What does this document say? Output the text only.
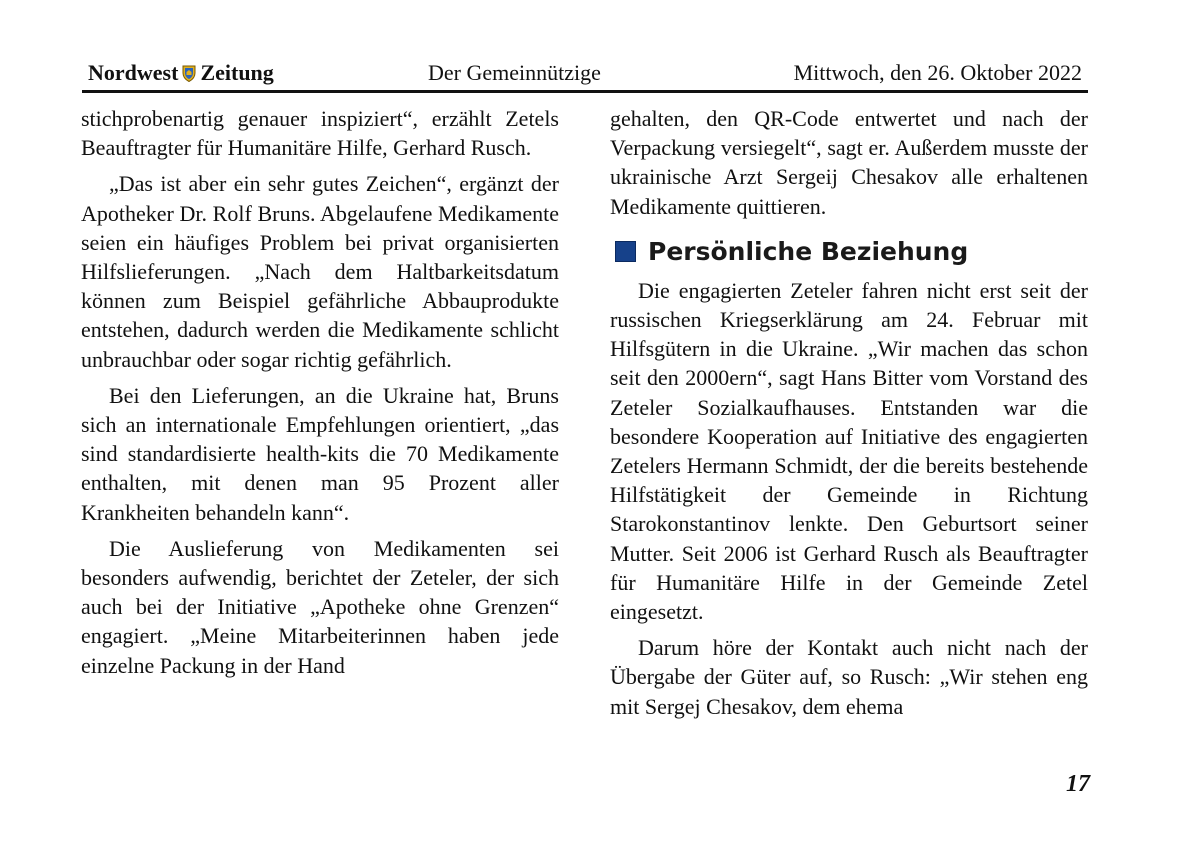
Nordwest Zeitung	Der Gemeinnützige	Mittwoch, den 26. Oktober 2022

stichprobenartig genauer inspiziert“, erzählt Zetels Beauftragter für Humanitäre Hilfe, Gerhard Rusch.

„Das ist aber ein sehr gutes Zeichen“, ergänzt der Apotheker Dr. Rolf Bruns. Abgelaufene Medikamente seien ein häufiges Problem bei privat organisierten Hilfslieferungen. „Nach dem Haltbarkeitsdatum können zum Beispiel gefährliche Abbauprodukte entstehen, dadurch werden die Medikamente schlicht unbrauchbar oder sogar richtig gefährlich.

Bei den Lieferungen, an die Ukraine hat, Bruns sich an internationale Empfehlungen orientiert, „das sind standardisierte health-kits die 70 Medikamente enthalten, mit denen man 95 Prozent aller Krankheiten behandeln kann“.

Die Auslieferung von Medikamenten sei besonders aufwendig, berichtet der Zeteler, der sich auch bei der Initiative „Apotheke ohne Grenzen“ engagiert. „Meine Mitarbeiterinnen haben jede einzelne Packung in der Hand

gehalten, den QR-Code entwertet und nach der Verpackung versiegelt“, sagt er. Außerdem musste der ukrainische Arzt Sergeij Chesakov alle erhaltenen Medikamente quittieren.

Persönliche Beziehung

Die engagierten Zeteler fahren nicht erst seit der russischen Kriegserklärung am 24. Februar mit Hilfsgütern in die Ukraine. „Wir machen das schon seit den 2000ern“, sagt Hans Bitter vom Vorstand des Zeteler Sozialkaufhauses. Entstanden war die besondere Kooperation auf Initiative des engagierten Zetelers Hermann Schmidt, der die bereits bestehende Hilfstätigkeit der Gemeinde in Richtung Starokonstantinov lenkte. Den Geburtsort seiner Mutter. Seit 2006 ist Gerhard Rusch als Beauftragter für Humanitäre Hilfe in der Gemeinde Zetel eingesetzt.

Darum höre der Kontakt auch nicht nach der Übergabe der Güter auf, so Rusch: „Wir stehen eng mit Sergej Chesakov, dem ehema

17
